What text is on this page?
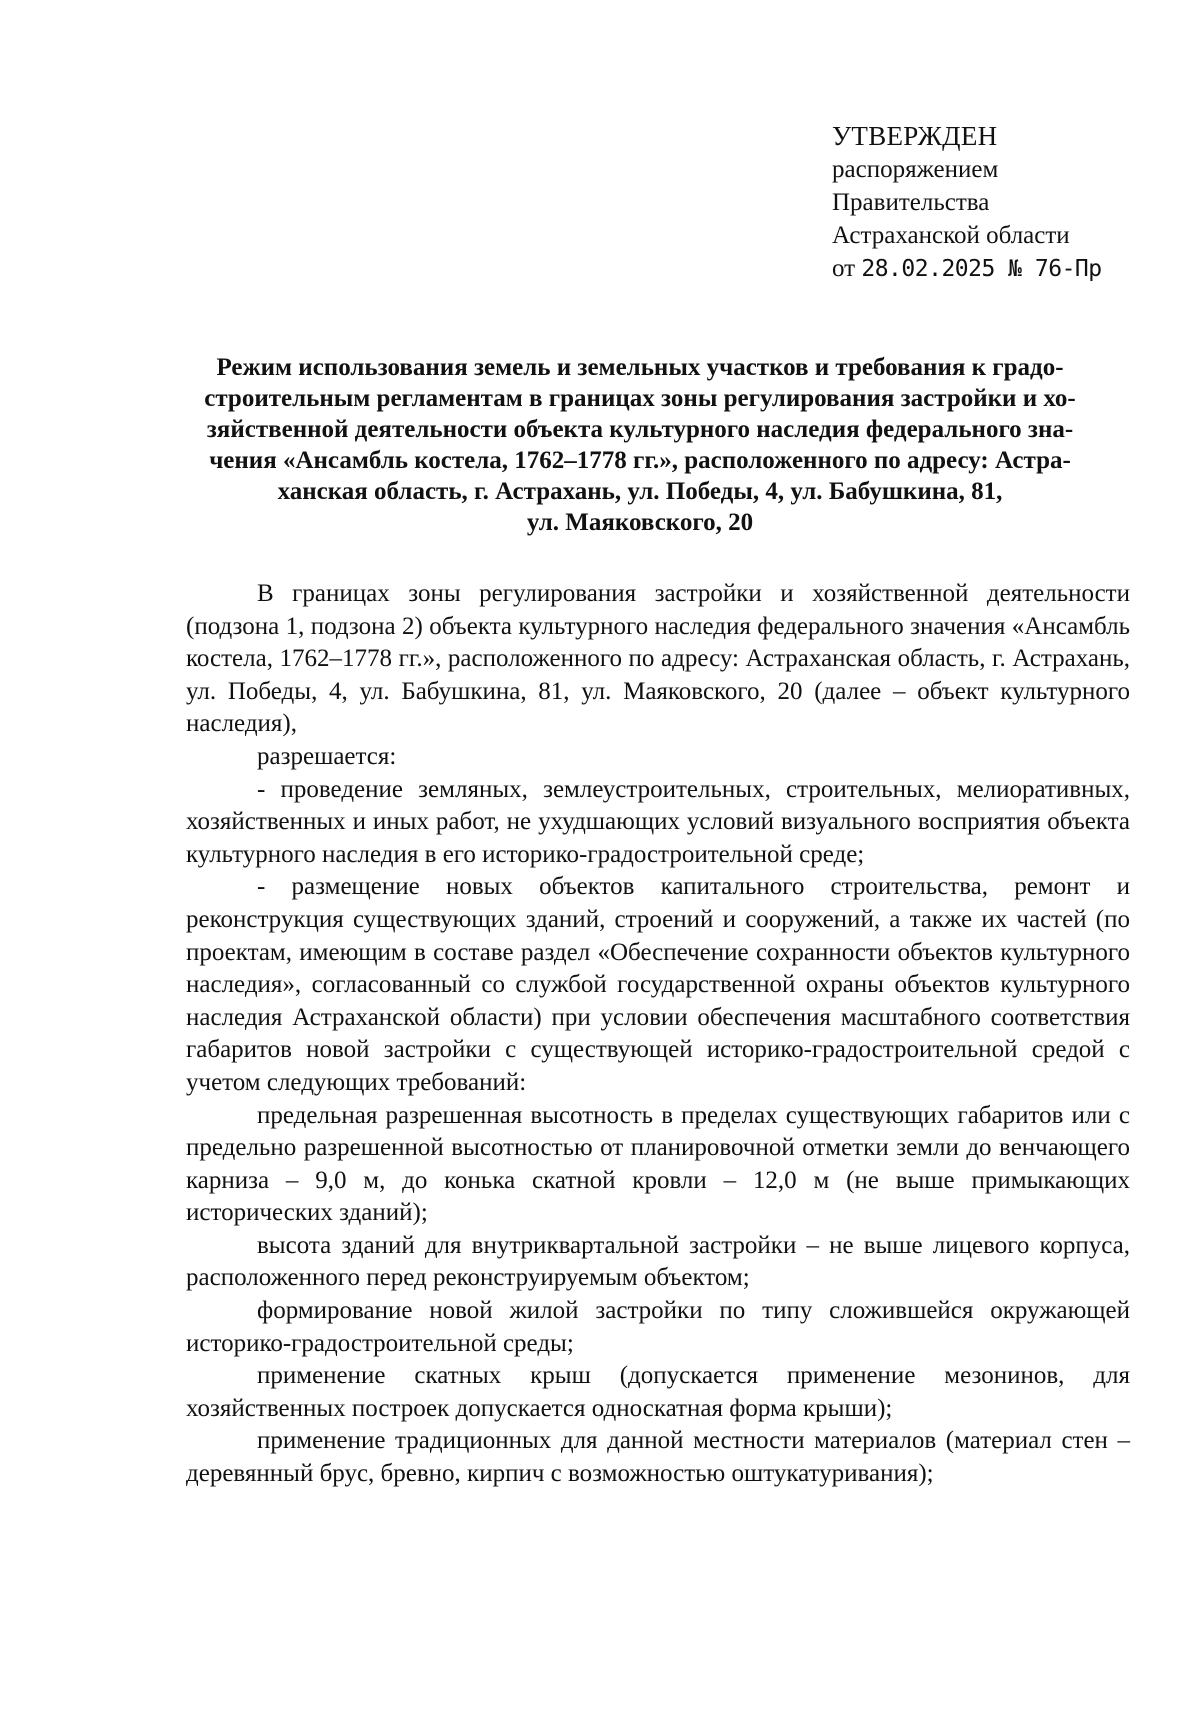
УТВЕРЖДЕН
распоряжением
Правительства
Астраханской области
от 28.02.2025 № 76-Пр
Режим использования земель и земельных участков и требования к градо-
строительным регламентам в границах зоны регулирования застройки и хо-
зяйственной деятельности объекта культурного наследия федерального зна-
чения «Ансамбль костела, 1762–1778 гг.», расположенного по адресу: Астра-
ханская область, г. Астрахань, ул. Победы, 4, ул. Бабушкина, 81,
ул. Маяковского, 20

В границах зоны регулирования застройки и хозяйственной деятельности (подзона 1, подзона 2) объекта культурного наследия федерального значения «Ансамбль костела, 1762–1778 гг.», расположенного по адресу: Астраханская область, г. Астрахань, ул. Победы, 4, ул. Бабушкина, 81, ул. Маяковского, 20 (далее – объект культурного наследия),

разрешается:

- проведение земляных, землеустроительных, строительных, мелиоративных, хозяйственных и иных работ, не ухудшающих условий визуального восприятия объекта культурного наследия в его историко-градостроительной среде;

- размещение новых объектов капитального строительства, ремонт и реконструкция существующих зданий, строений и сооружений, а также их частей (по проектам, имеющим в составе раздел «Обеспечение сохранности объектов культурного наследия», согласованный со службой государственной охраны объектов культурного наследия Астраханской области) при условии обеспечения масштабного соответствия габаритов новой застройки с существующей историко-градостроительной средой с учетом следующих требований:

предельная разрешенная высотность в пределах существующих габаритов или с предельно разрешенной высотностью от планировочной отметки земли до венчающего карниза – 9,0 м, до конька скатной кровли – 12,0 м (не выше примыкающих исторических зданий);

высота зданий для внутриквартальной застройки – не выше лицевого корпуса, расположенного перед реконструируемым объектом;

формирование новой жилой застройки по типу сложившейся окружающей историко-градостроительной среды;

применение скатных крыш (допускается применение мезонинов, для хозяйственных построек допускается односкатная форма крыши);

применение традиционных для данной местности материалов (материал стен – деревянный брус, бревно, кирпич с возможностью оштукатуривания);
